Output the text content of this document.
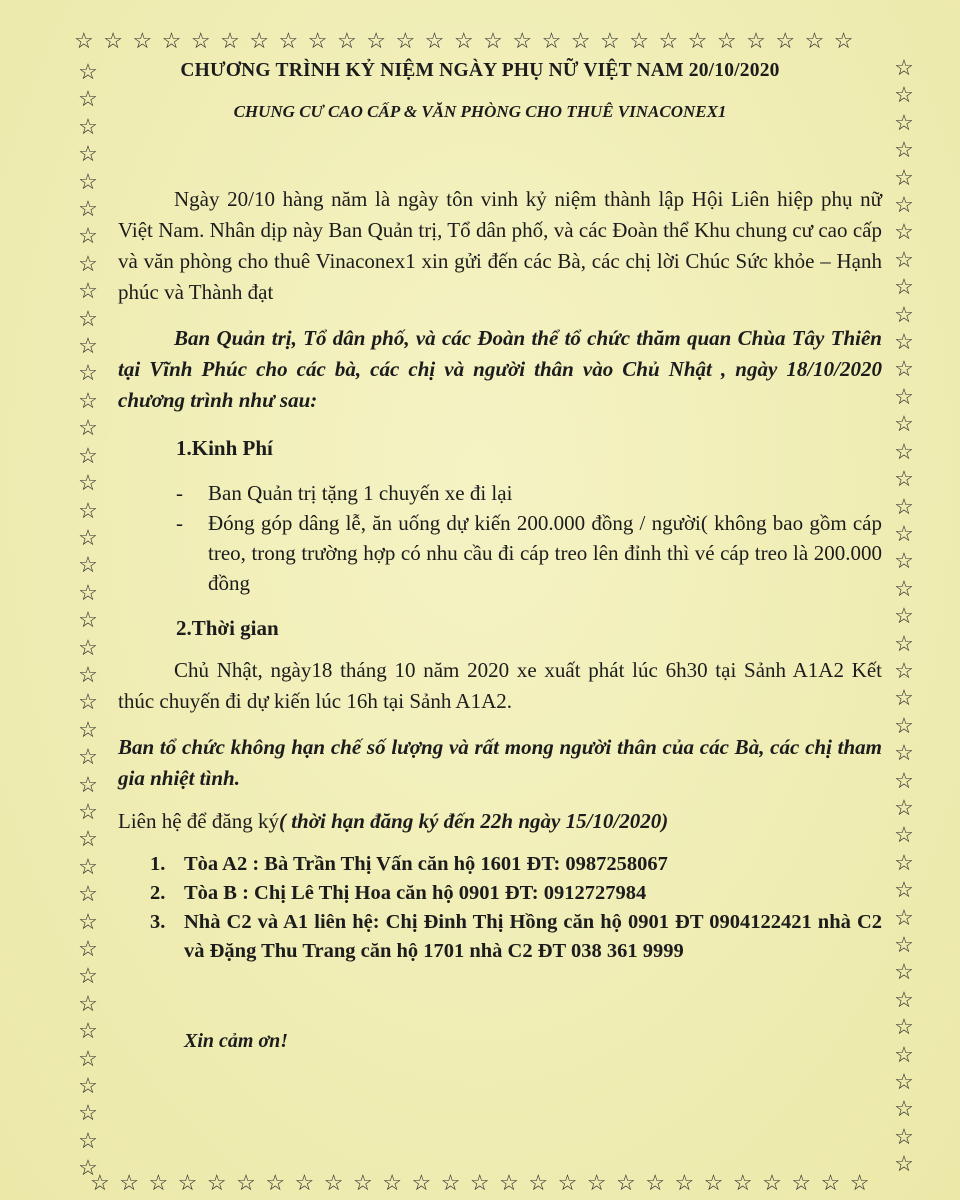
☆☆☆☆☆☆☆☆☆☆☆☆☆☆☆☆☆☆☆☆☆☆☆☆☆☆☆
☆☆☆☆☆☆☆☆☆☆☆☆☆☆☆☆☆☆☆☆☆☆☆☆☆☆☆
☆
☆
☆
☆
☆
☆
☆
☆
☆
☆
☆
☆
☆
☆
☆
☆
☆
☆
☆
☆
☆
☆
☆
☆
☆
☆
☆
☆
☆
☆
☆
☆
☆
☆
☆
☆
☆
☆
☆
☆
☆
☆
☆
☆
☆
☆
☆
☆
☆
☆
☆
☆
☆
☆
☆
☆
☆
☆
☆
☆
☆
☆
☆
☆
☆
☆
☆
☆
☆
☆
☆
☆
☆
☆
☆
☆
☆
☆
☆
☆
☆
☆
CHƯƠNG TRÌNH KỶ NIỆM NGÀY PHỤ NỮ VIỆT NAM 20/10/2020
CHUNG CƯ CAO CẤP & VĂN PHÒNG CHO THUÊ VINACONEX1
Ngày 20/10 hàng năm là ngày tôn vinh kỷ niệm thành lập Hội Liên hiệp phụ nữ Việt Nam. Nhân dịp này Ban Quản trị, Tổ dân phố, và các Đoàn thể Khu chung cư cao cấp và văn phòng cho thuê Vinaconex1 xin gửi đến các Bà, các chị lời Chúc Sức khỏe – Hạnh phúc và Thành đạt
Ban Quản trị, Tổ dân phố, và các Đoàn thể tổ chức thăm quan Chùa Tây Thiên tại Vĩnh Phúc cho các bà, các chị và người thân vào Chủ Nhật , ngày 18/10/2020 chương trình như sau:
1.Kinh Phí
- Ban Quản trị tặng 1 chuyến xe đi lại
- Đóng góp dâng lễ, ăn uống dự kiến 200.000 đồng / người( không bao gồm cáp treo, trong trường hợp có nhu cầu đi cáp treo lên đỉnh thì vé cáp treo là 200.000 đồng
2.Thời gian
Chủ Nhật, ngày18 tháng 10 năm 2020 xe xuất phát lúc 6h30 tại Sảnh A1A2 Kết thúc chuyến đi dự kiến lúc 16h tại Sảnh A1A2.
Ban tổ chức không hạn chế số lượng và rất mong người thân của các Bà, các chị tham gia nhiệt tình.
Liên hệ để đăng ký( thời hạn đăng ký đến 22h ngày 15/10/2020)
1. Tòa A2 : Bà Trần Thị Vấn căn hộ 1601 ĐT: 0987258067
2. Tòa B : Chị Lê Thị Hoa căn hộ 0901 ĐT: 0912727984
3. Nhà C2 và A1 liên hệ: Chị Đinh Thị Hồng căn hộ 0901 ĐT 0904122421 nhà C2 và Đặng Thu Trang căn hộ 1701 nhà C2 ĐT 038 361 9999
Xin cảm ơn!
